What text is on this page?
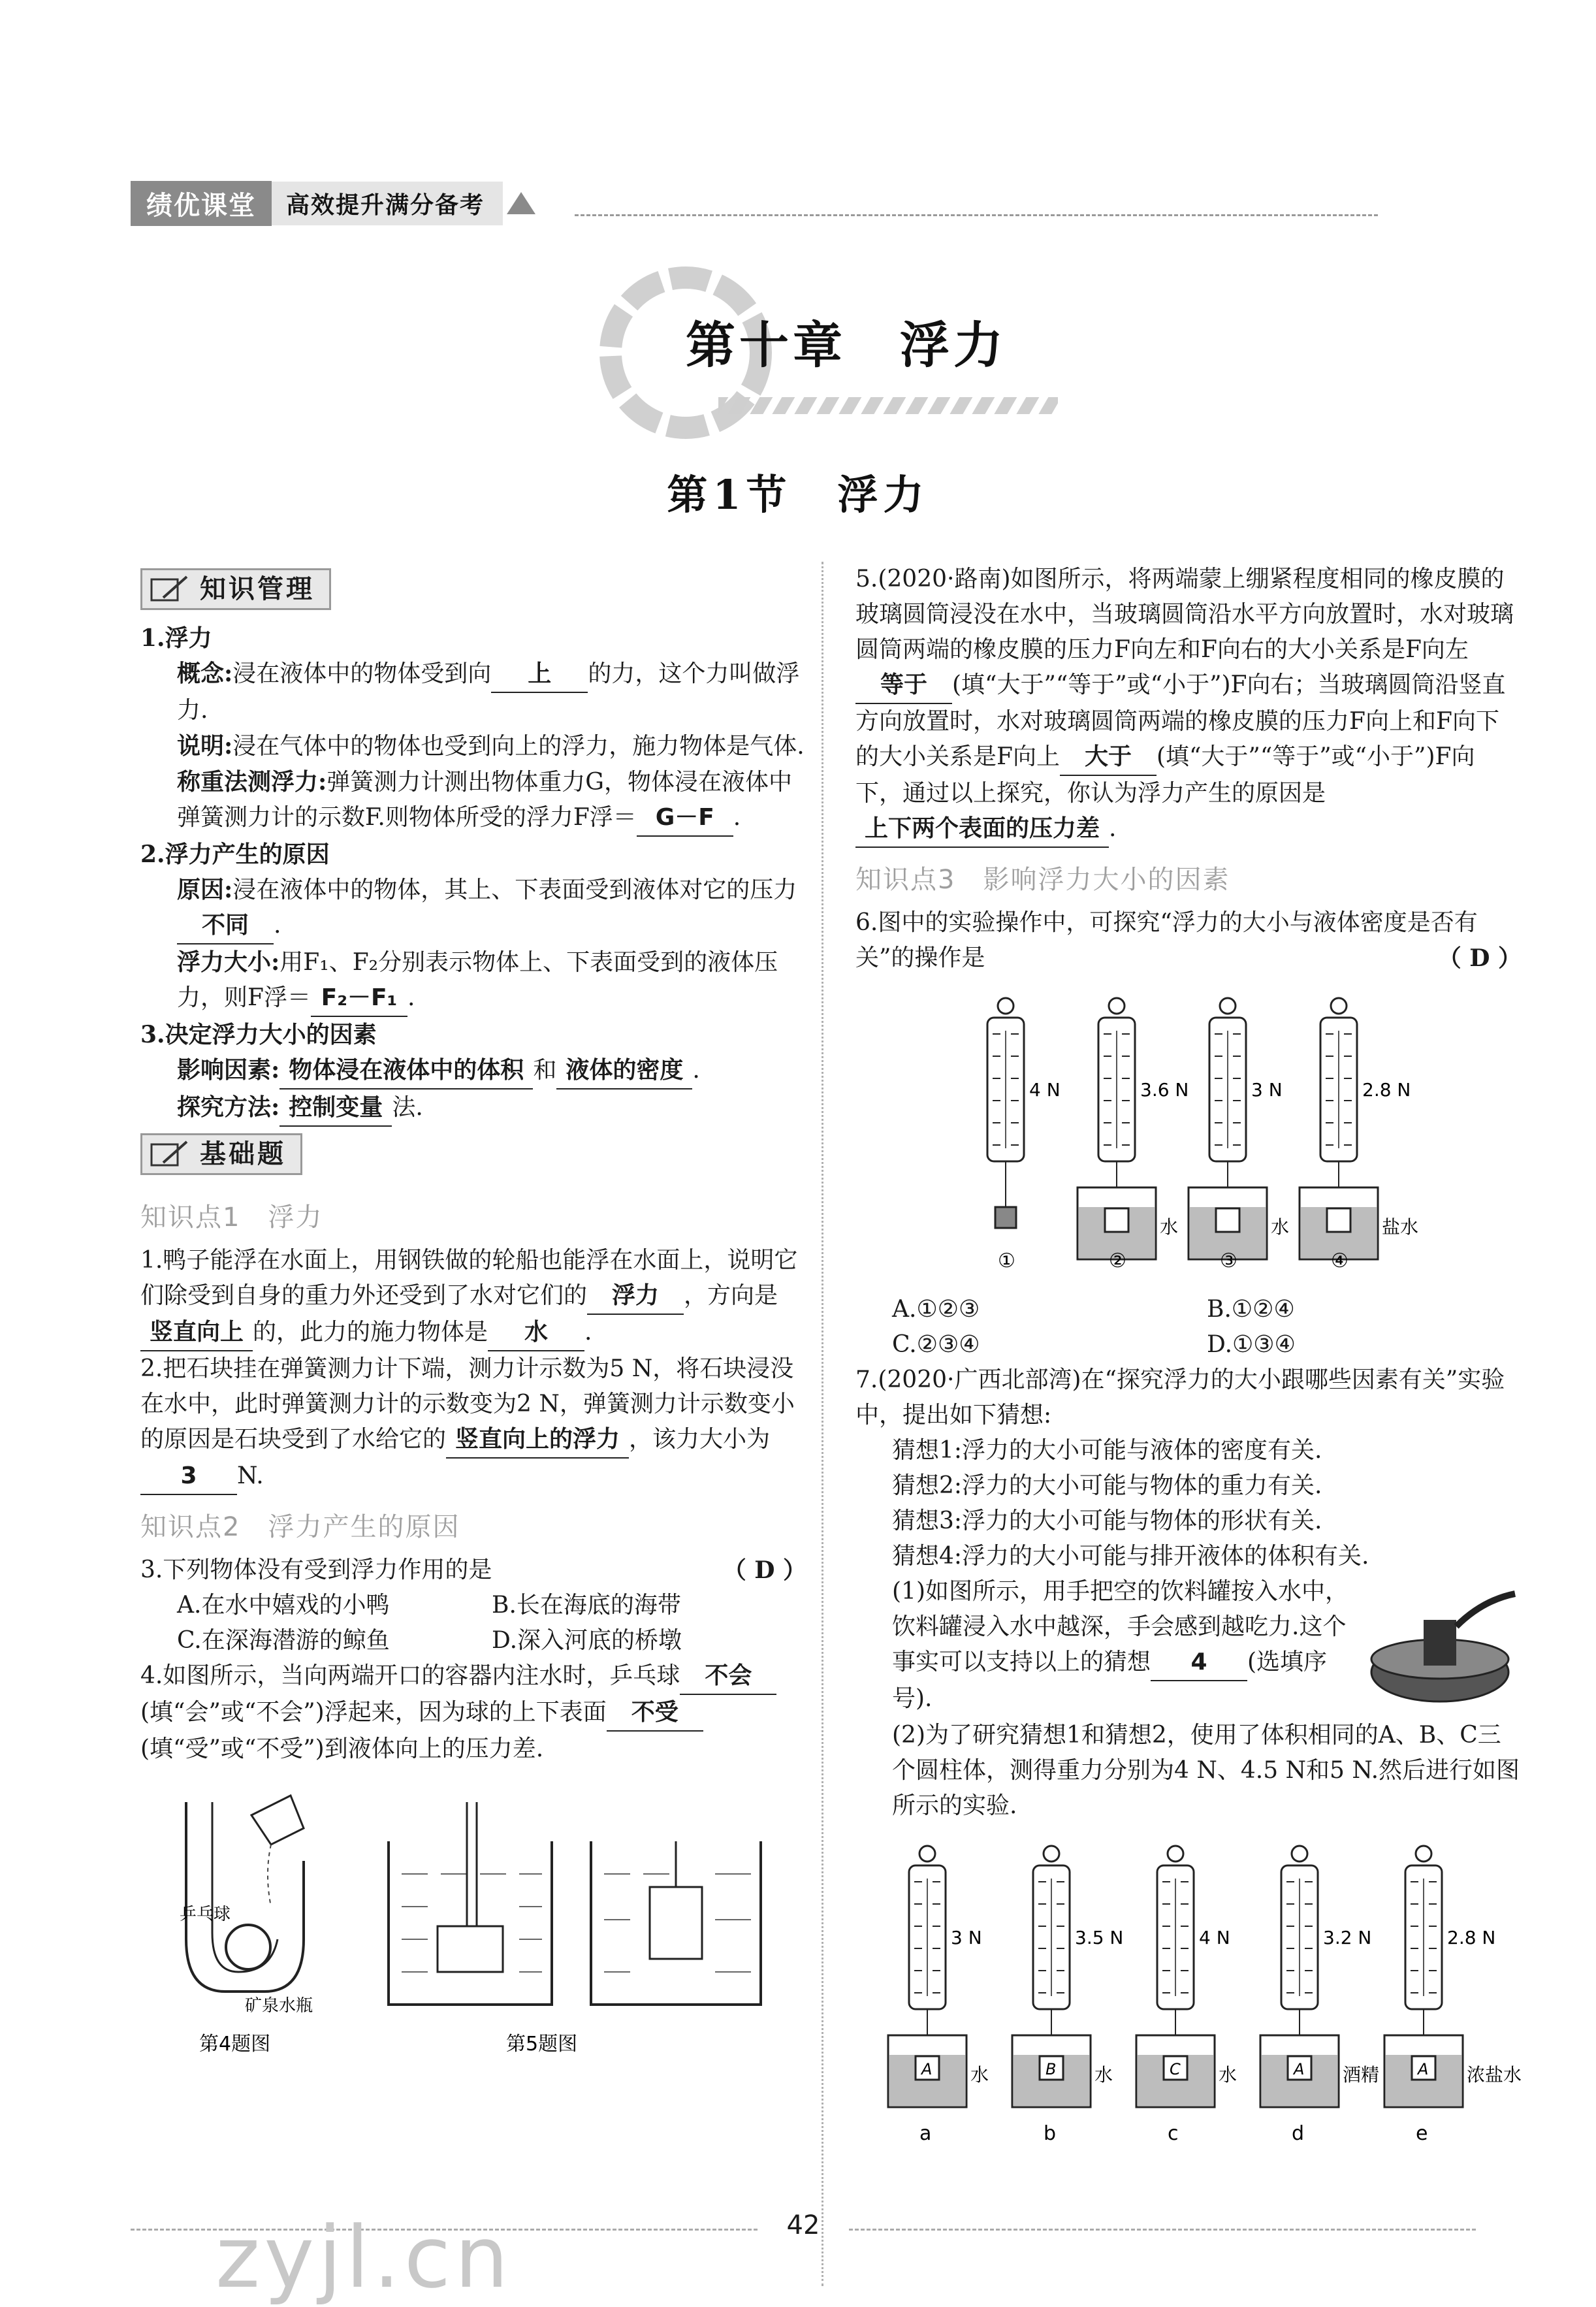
绩优课堂	高效提升满分备考
第十章　浮力
第1节　浮力
知识管理

1.浮力

概念:浸在液体中的物体受到向 上 的力，这个力叫做浮力.

说明:浸在气体中的物体也受到向上的浮力，施力物体是气体.

称重法测浮力:弹簧测力计测出物体重力G，物体浸在液体中弹簧测力计的示数F.则物体所受的浮力F浮＝ G－F .

2.浮力产生的原因

原因:浸在液体中的物体，其上、下表面受到液体对它的压力不同 .

浮力大小:用F₁、F₂分别表示物体上、下表面受到的液体压力，则F浮＝ F₂－F₁ .

3.决定浮力大小的因素

影响因素: 物体浸在液体中的体积 和 液体的密度 .

探究方法: 控制变量 法.

基础题
知识点1　浮力

1.鸭子能浮在水面上，用钢铁做的轮船也能浮在水面上，说明它们除受到自身的重力外还受到了水对它们的 浮力 ，方向是竖直向上 的，此力的施力物体是 水 .

2.把石块挂在弹簧测力计下端，测力计示数为5 N，将石块浸没在水中，此时弹簧测力计的示数变为2 N，弹簧测力计示数变小的原因是石块受到了水给它的 竖直向上的浮力 ，该力大小为3 N.

知识点2　浮力产生的原因

3.下列物体没有受到浮力作用的是	（ D ）

A.在水中嬉戏的小鸭	B.长在海底的海带
C.在深海潜游的鲸鱼	D.深入河底的桥墩

4.如图所示，当向两端开口的容器内注水时，乒乓球 不会(填“会”或“不会”)浮起来，因为球的上下表面 不受(填“受”或“不受”)到液体向上的压力差.

乒乓球
矿泉水瓶
第4题图	第5题图

5.(2020·路南)如图所示，将两端蒙上绷紧程度相同的橡皮膜的玻璃圆筒浸没在水中，当玻璃圆筒沿水平方向放置时，水对玻璃圆筒两端的橡皮膜的压力F向左和F向右的大小关系是F向左等于 (填“大于”“等于”或“小于”)F向右；当玻璃圆筒沿竖直方向放置时，水对玻璃圆筒两端的橡皮膜的压力F向上和F向下的大小关系是F向上 大于 (填“大于”“等于”或“小于”)F向下，通过以上探究，你认为浮力产生的原因是上下两个表面的压力差 .

知识点3　影响浮力大小的因素

6.图中的实验操作中，可探究“浮力的大小与液体密度是否有关”的操作是	（ D ）

4 N
①
3.6 N
水
②
3 N
水
③
2.8 N
盐水
④
A.①②③	B.①②④
C.②③④	D.①③④

7.(2020·广西北部湾)在“探究浮力的大小跟哪些因素有关”实验中，提出如下猜想:

猜想1:浮力的大小可能与液体的密度有关.

猜想2:浮力的大小可能与物体的重力有关.

猜想3:浮力的大小可能与物体的形状有关.

猜想4:浮力的大小可能与排开液体的体积有关.

(1)如图所示，用手把空的饮料罐按入水中，饮料罐浸入水中越深，手会感到越吃力.这个事实可以支持以上的猜想 4 (选填序号).

(2)为了研究猜想1和猜想2，使用了体积相同的A、B、C三个圆柱体，测得重力分别为4 N、4.5 N和5 N.然后进行如图所示的实验.

3 N
A 水
a
3.5 N
B 水
b
4 N
C 水
c
3.2 N
A 酒精
d
2.8 N
A 浓盐水
e
42
zyjl.cn
